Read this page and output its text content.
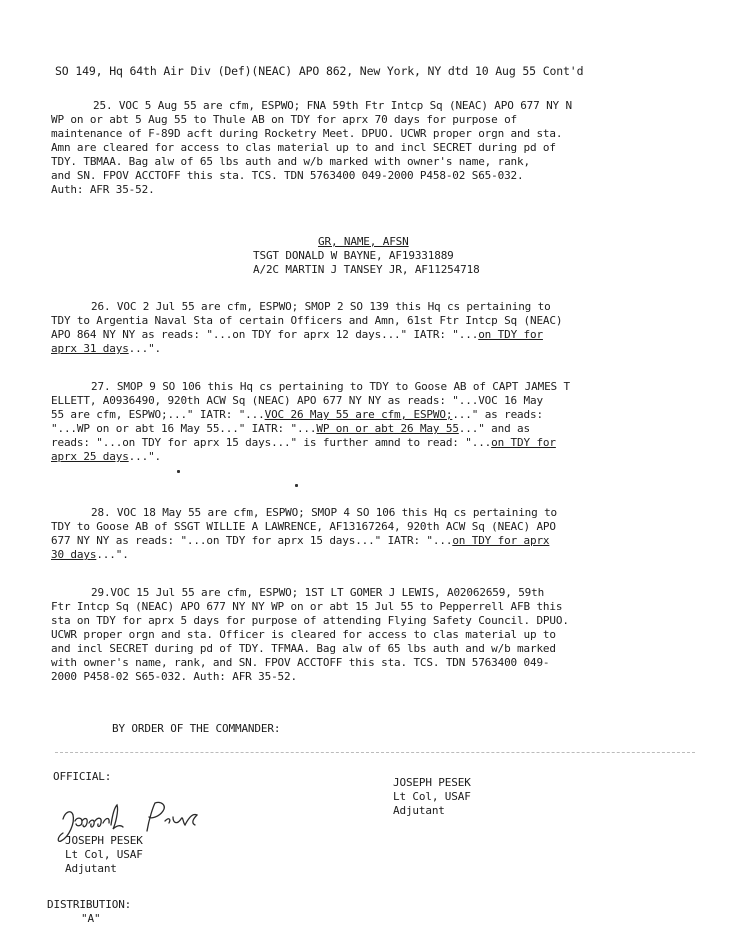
SO 149, Hq 64th Air Div (Def)(NEAC) APO 862, New York, NY dtd 10 Aug 55 Cont'd
25. VOC 5 Aug 55 are cfm, ESPWO; FNA 59th Ftr Intcp Sq (NEAC) APO 677 NY N
WP on or abt 5 Aug 55 to Thule AB on TDY for aprx 70 days for purpose of
maintenance of F-89D acft during Rocketry Meet. DPUO. UCWR proper orgn and sta.
Amn are cleared for access to clas material up to and incl SECRET during pd of
TDY. TBMAA. Bag alw of 65 lbs auth and w/b marked with owner's name, rank,
and SN. FPOV ACCTOFF this sta. TCS. TDN 5763400 049-2000 P458-02 S65-032.
Auth: AFR 35-52.
GR, NAME, AFSN
TSGT DONALD W BAYNE, AF19331889
A/2C MARTIN J TANSEY JR, AF11254718
26. VOC 2 Jul 55 are cfm, ESPWO; SMOP 2 SO 139 this Hq cs pertaining to
TDY to Argentia Naval Sta of certain Officers and Amn, 61st Ftr Intcp Sq (NEAC)
APO 864 NY NY as reads: "...on TDY for aprx 12 days..." IATR: "...on TDY for
aprx 31 days...".
27. SMOP 9 SO 106 this Hq cs pertaining to TDY to Goose AB of CAPT JAMES T
ELLETT, A0936490, 920th ACW Sq (NEAC) APO 677 NY NY as reads: "...VOC 16 May
55 are cfm, ESPWO;..." IATR: "...VOC 26 May 55 are cfm, ESPWO;..." as reads:
"...WP on or abt 16 May 55..." IATR: "...WP on or abt 26 May 55..." and as
reads: "...on TDY for aprx 15 days..." is further amnd to read: "...on TDY for
aprx 25 days...".
28. VOC 18 May 55 are cfm, ESPWO; SMOP 4 SO 106 this Hq cs pertaining to
TDY to Goose AB of SSGT WILLIE A LAWRENCE, AF13167264, 920th ACW Sq (NEAC) APO
677 NY NY as reads: "...on TDY for aprx 15 days..." IATR: "...on TDY for aprx
30 days...".
29.VOC 15 Jul 55 are cfm, ESPWO; 1ST LT GOMER J LEWIS, A02062659, 59th
Ftr Intcp Sq (NEAC) APO 677 NY NY WP on or abt 15 Jul 55 to Pepperrell AFB this
sta on TDY for aprx 5 days for purpose of attending Flying Safety Council. DPUO.
UCWR proper orgn and sta. Officer is cleared for access to clas material up to
and incl SECRET during pd of TDY. TFMAA. Bag alw of 65 lbs auth and w/b marked
with owner's name, rank, and SN. FPOV ACCTOFF this sta. TCS. TDN 5763400 049-
2000 P458-02 S65-032. Auth: AFR 35-52.
BY ORDER OF THE COMMANDER:
JOSEPH PESEK
Lt Col, USAF
Adjutant
OFFICIAL:
JOSEPH PESEK
Lt Col, USAF
Adjutant
DISTRIBUTION:
"A"
